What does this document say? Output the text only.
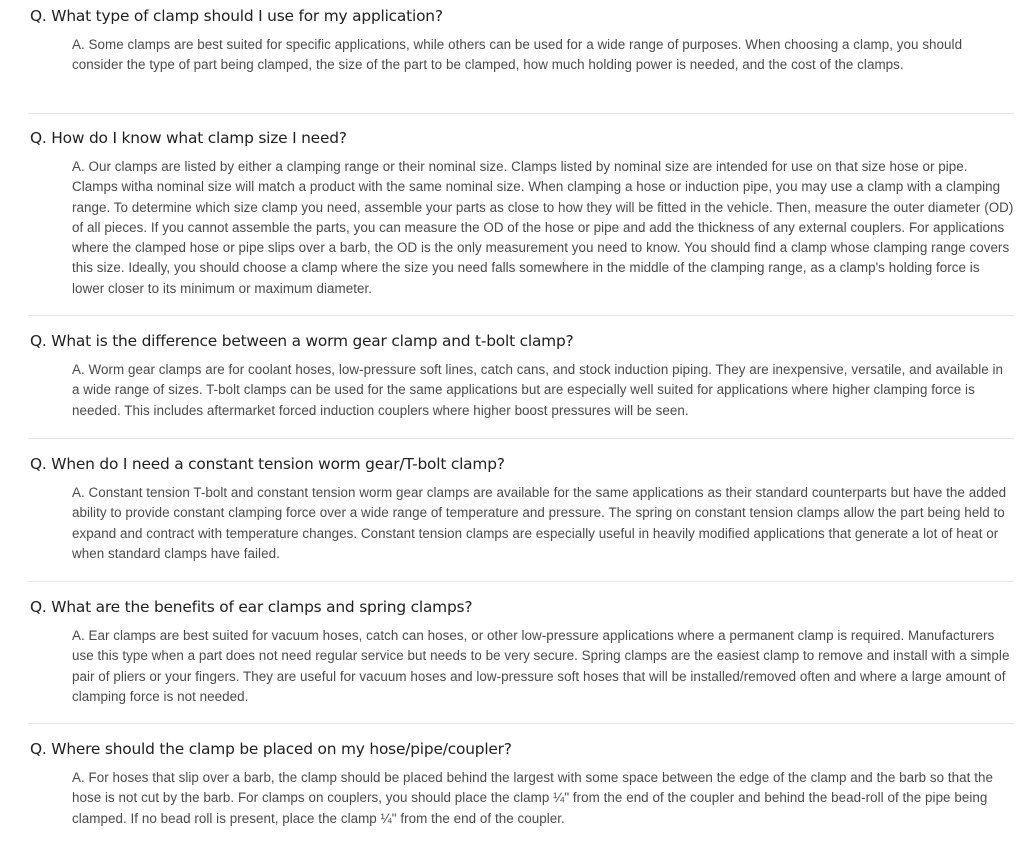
Q. What type of clamp should I use for my application?
A. Some clamps are best suited for specific applications, while others can be used for a wide range of purposes. When choosing a clamp, you should consider the type of part being clamped, the size of the part to be clamped, how much holding power is needed, and the cost of the clamps.
Q. How do I know what clamp size I need?
A. Our clamps are listed by either a clamping range or their nominal size. Clamps listed by nominal size are intended for use on that size hose or pipe. Clamps witha nominal size will match a product with the same nominal size. When clamping a hose or induction pipe, you may use a clamp with a clamping range. To determine which size clamp you need, assemble your parts as close to how they will be fitted in the vehicle. Then, measure the outer diameter (OD) of all pieces. If you cannot assemble the parts, you can measure the OD of the hose or pipe and add the thickness of any external couplers. For applications where the clamped hose or pipe slips over a barb, the OD is the only measurement you need to know. You should find a clamp whose clamping range covers this size. Ideally, you should choose a clamp where the size you need falls somewhere in the middle of the clamping range, as a clamp's holding force is lower closer to its minimum or maximum diameter.
Q. What is the difference between a worm gear clamp and t-bolt clamp?
A. Worm gear clamps are for coolant hoses, low-pressure soft lines, catch cans, and stock induction piping. They are inexpensive, versatile, and available in a wide range of sizes. T-bolt clamps can be used for the same applications but are especially well suited for applications where higher clamping force is needed. This includes aftermarket forced induction couplers where higher boost pressures will be seen.
Q. When do I need a constant tension worm gear/T-bolt clamp?
A. Constant tension T-bolt and constant tension worm gear clamps are available for the same applications as their standard counterparts but have the added ability to provide constant clamping force over a wide range of temperature and pressure. The spring on constant tension clamps allow the part being held to expand and contract with temperature changes. Constant tension clamps are especially useful in heavily modified applications that generate a lot of heat or when standard clamps have failed.
Q. What are the benefits of ear clamps and spring clamps?
A. Ear clamps are best suited for vacuum hoses, catch can hoses, or other low-pressure applications where a permanent clamp is required. Manufacturers use this type when a part does not need regular service but needs to be very secure. Spring clamps are the easiest clamp to remove and install with a simple pair of pliers or your fingers. They are useful for vacuum hoses and low-pressure soft hoses that will be installed/removed often and where a large amount of clamping force is not needed.
Q. Where should the clamp be placed on my hose/pipe/coupler?
A. For hoses that slip over a barb, the clamp should be placed behind the largest with some space between the edge of the clamp and the barb so that the hose is not cut by the barb. For clamps on couplers, you should place the clamp ¼" from the end of the coupler and behind the bead-roll of the pipe being clamped. If no bead roll is present, place the clamp ¼" from the end of the coupler.
